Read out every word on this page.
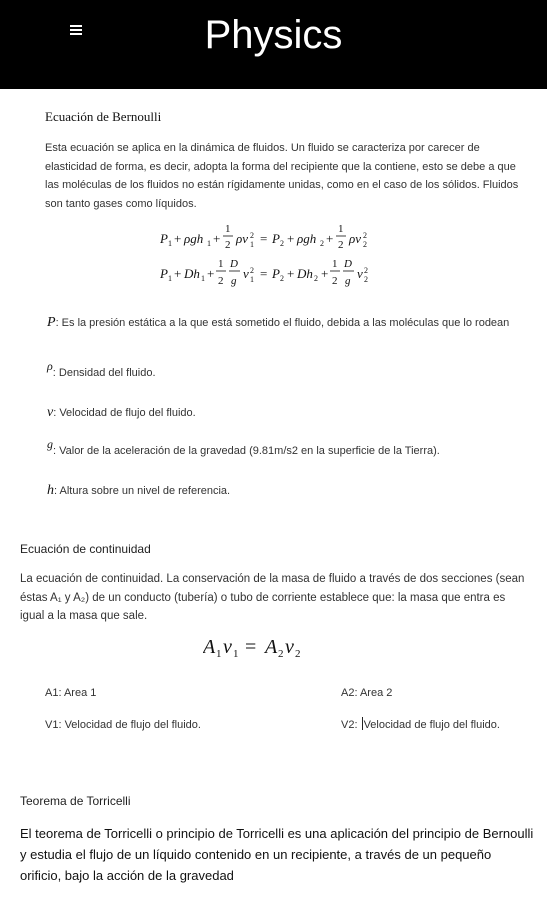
Physics
Ecuación de Bernoulli
Esta ecuación se aplica en la dinámica de fluidos. Un fluido se caracteriza por carecer de elasticidad de forma, es decir, adopta la forma del recipiente que la contiene, esto se debe a que las moléculas de los fluidos no están rígidamente unidas, como en el caso de los sólidos. Fluidos son tanto gases como líquidos.
P 1 + ρgh 1 +
1
2 ρv 2
1 = P 2 + ρgh 2 +
1
2 ρv 2
2
P 1 + Dh 1 +
1
2
D
g v 2
1 = P 2 + Dh 2 +
1
2
D
g v 2
2
P: Es la presión estática a la que está sometido el fluido, debida a las moléculas que lo rodean
$^\rho$: Densidad del fluido.
v: Velocidad de flujo del fluido.
$^g$: Valor de la aceleración de la gravedad (9.81m/s2 en la superficie de la Tierra).
h: Altura sobre un nivel de referencia.
Ecuación de continuidad
La ecuación de continuidad. La conservación de la masa de fluido a través de dos secciones (sean éstas A₁ y A₂) de un conducto (tubería) o tubo de corriente establece que: la masa que entra es igual a la masa que sale.
A 1 v 1 = A 2 v 2
A1: Area 1	A2: Area 2
V1: Velocidad de flujo del fluido.	V2: Velocidad de flujo del fluido.
Teorema de Torricelli
El teorema de Torricelli o principio de Torricelli es una aplicación del principio de Bernoulli y estudia el flujo de un líquido contenido en un recipiente, a través de un pequeño orificio, bajo la acción de la gravedad
